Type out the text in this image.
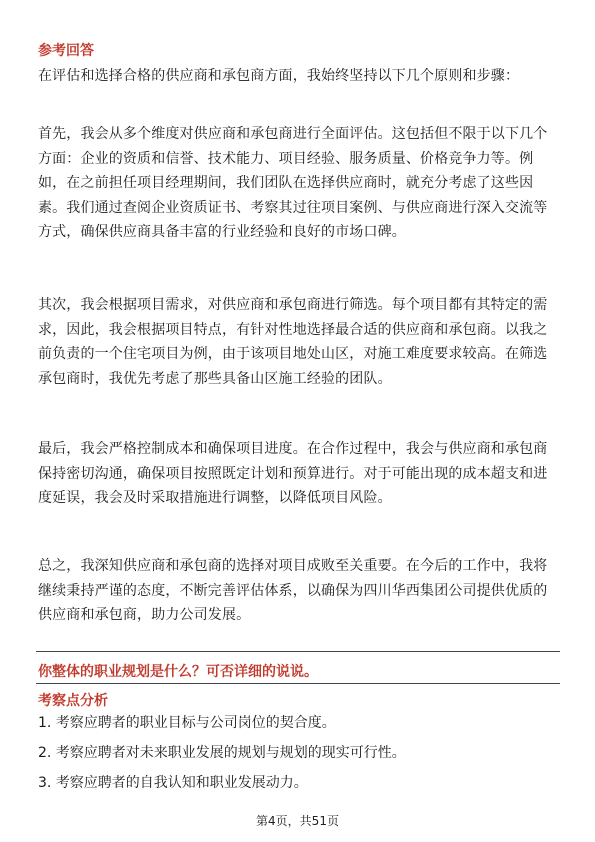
参考回答
在评估和选择合格的供应商和承包商方面，我始终坚持以下几个原则和步骤：
首先，我会从多个维度对供应商和承包商进行全面评估。这包括但不限于以下几个
方面：企业的资质和信誉、技术能力、项目经验、服务质量、价格竞争力等。例
如，在之前担任项目经理期间，我们团队在选择供应商时，就充分考虑了这些因
素。我们通过查阅企业资质证书、考察其过往项目案例、与供应商进行深入交流等
方式，确保供应商具备丰富的行业经验和良好的市场口碑。
其次，我会根据项目需求，对供应商和承包商进行筛选。每个项目都有其特定的需
求，因此，我会根据项目特点，有针对性地选择最合适的供应商和承包商。以我之
前负责的一个住宅项目为例，由于该项目地处山区，对施工难度要求较高。在筛选
承包商时，我优先考虑了那些具备山区施工经验的团队。
最后，我会严格控制成本和确保项目进度。在合作过程中，我会与供应商和承包商
保持密切沟通，确保项目按照既定计划和预算进行。对于可能出现的成本超支和进
度延误，我会及时采取措施进行调整，以降低项目风险。
总之，我深知供应商和承包商的选择对项目成败至关重要。在今后的工作中，我将
继续秉持严谨的态度，不断完善评估体系，以确保为四川华西集团公司提供优质的
供应商和承包商，助力公司发展。
你整体的职业规划是什么？可否详细的说说。
考察点分析
1. 考察应聘者的职业目标与公司岗位的契合度。
2. 考察应聘者对未来职业发展的规划与规划的现实可行性。
3. 考察应聘者的自我认知和职业发展动力。
第4页，共51页
